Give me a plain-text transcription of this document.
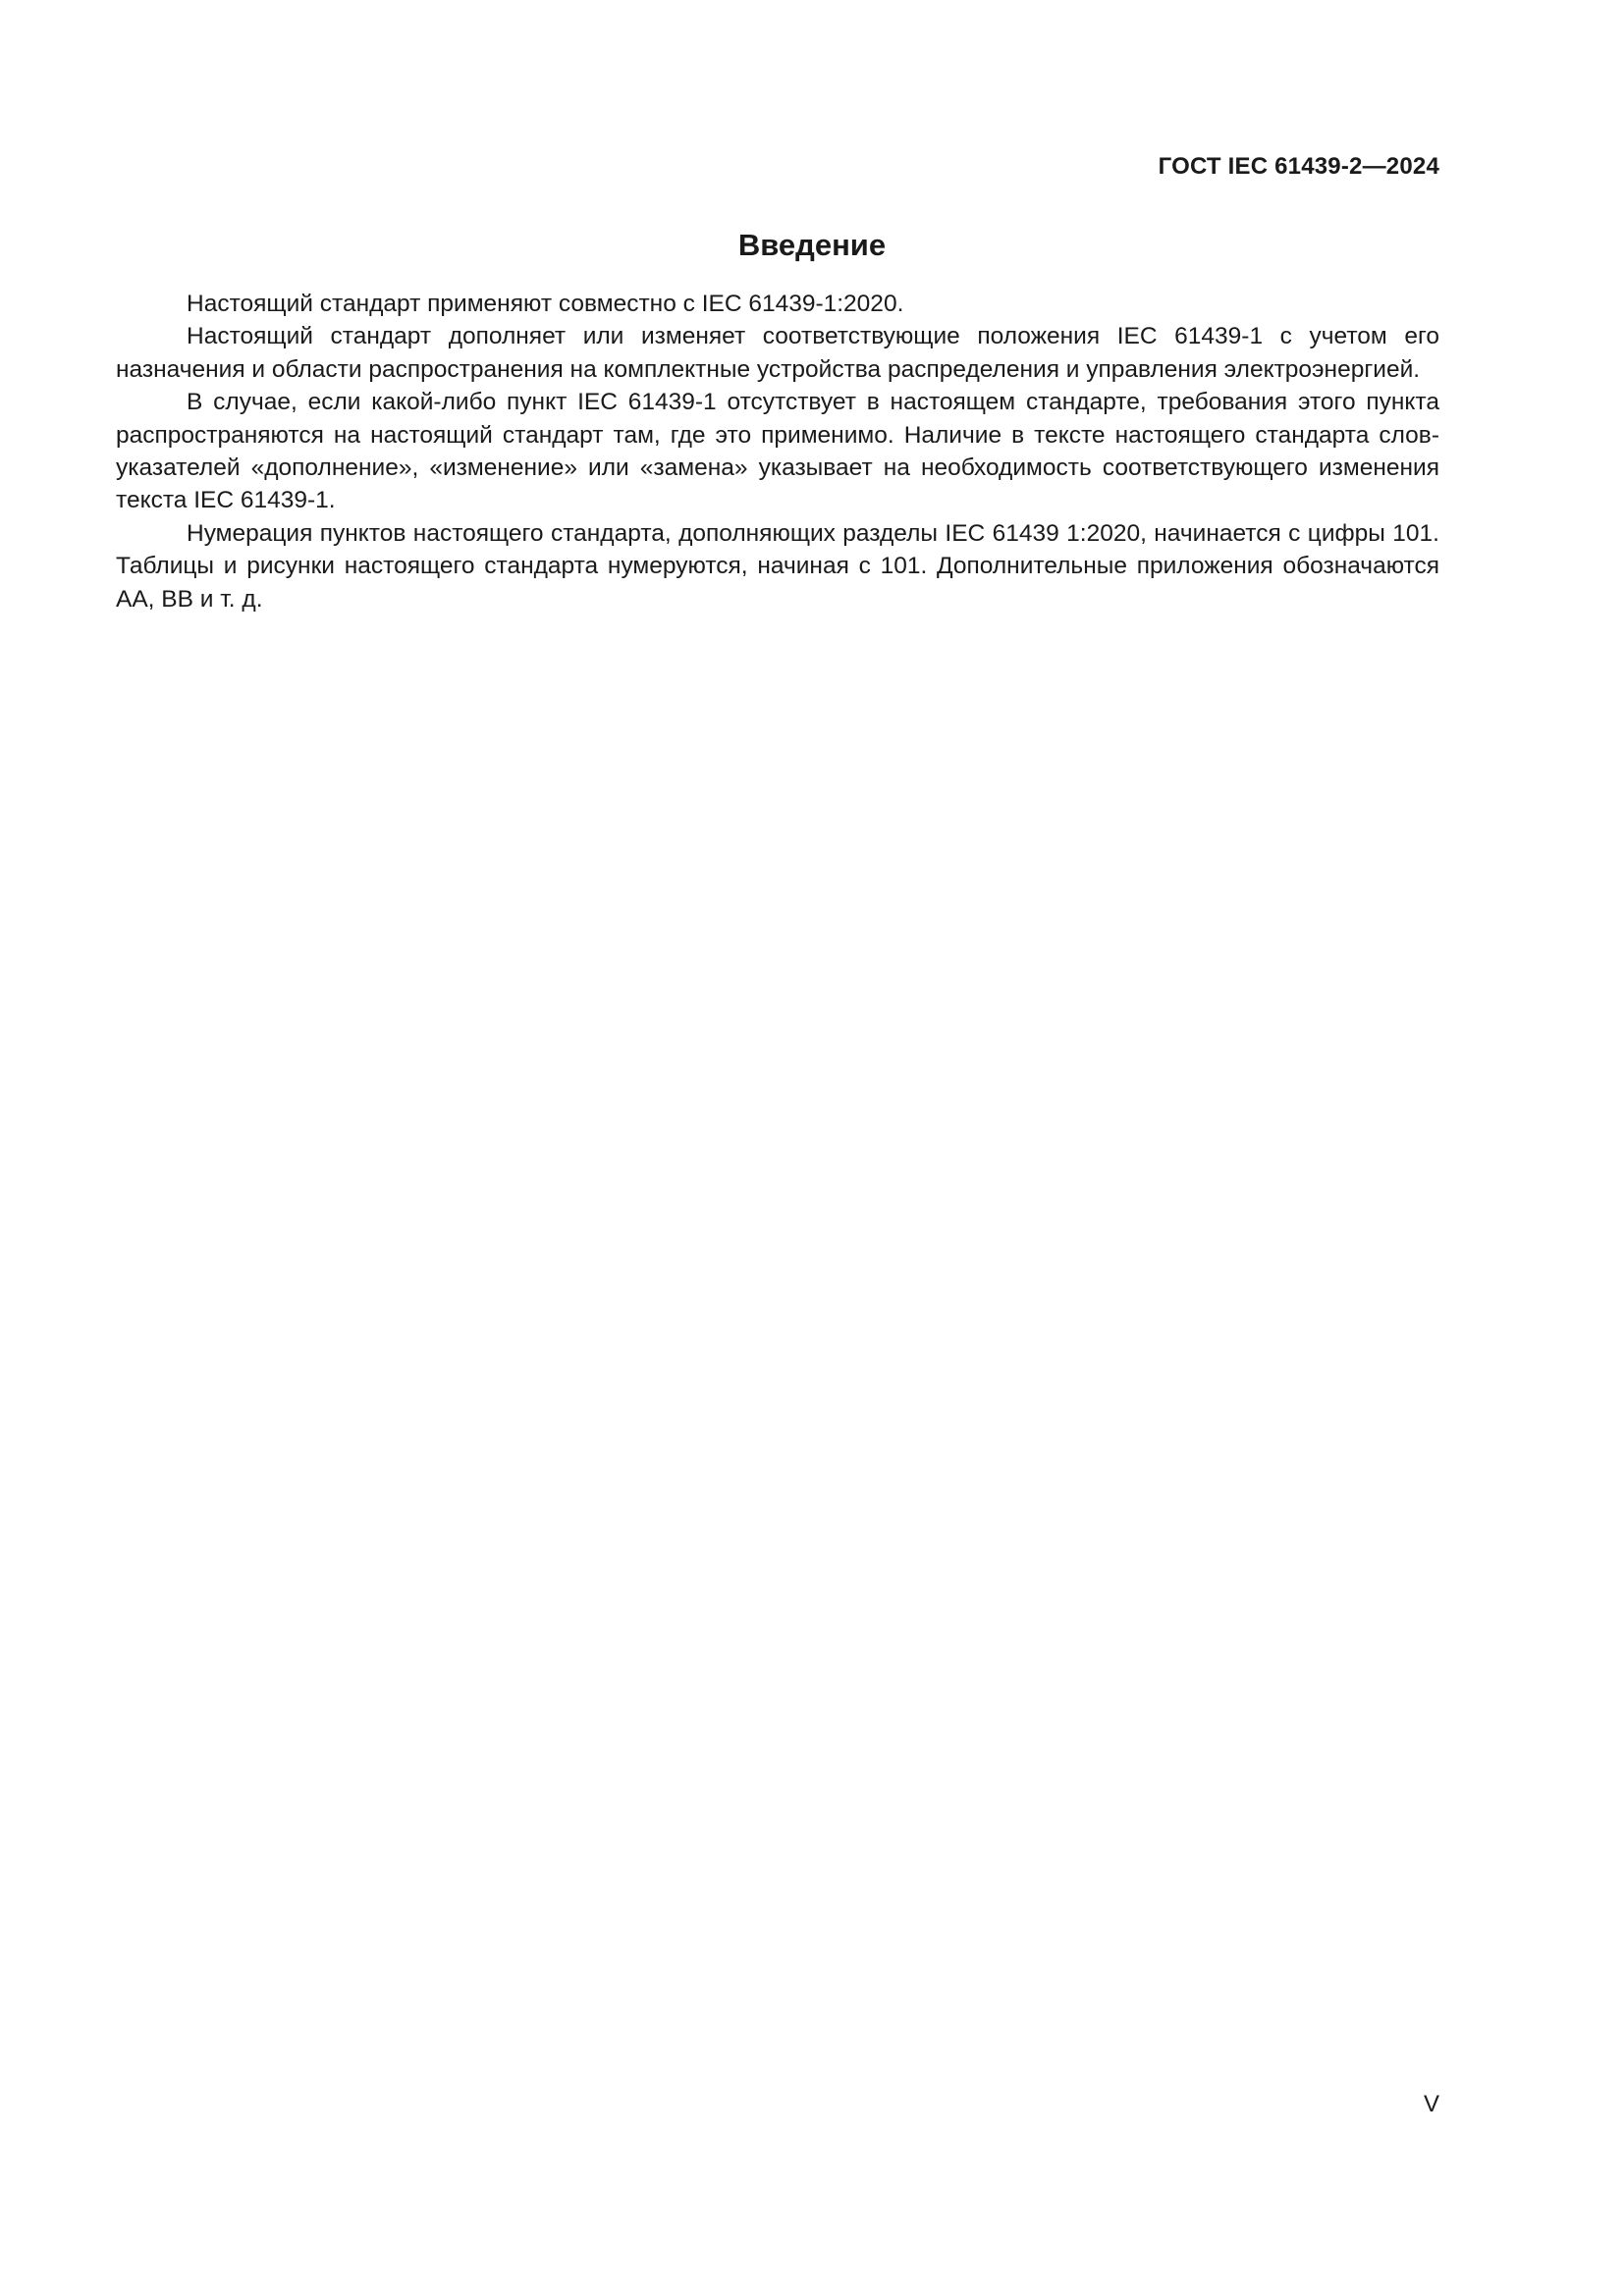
ГОСТ IEC 61439-2—2024
Введение

Настоящий стандарт применяют совместно с IEC 61439-1:2020.

Настоящий стандарт дополняет или изменяет соответствующие положения IEC 61439-1 с учетом его назначения и области распространения на комплектные устройства распределения и управления электроэнергией.

В случае, если какой-либо пункт IEC 61439-1 отсутствует в настоящем стандарте, требования этого пункта распространяются на настоящий стандарт там, где это применимо. Наличие в тексте настоящего стандарта слов-указателей «дополнение», «изменение» или «замена» указывает на необходимость соответствующего изменения текста IEC 61439-1.

Нумерация пунктов настоящего стандарта, дополняющих разделы IEC 61439 1:2020, начинается с цифры 101. Таблицы и рисунки настоящего стандарта нумеруются, начиная с 101. Дополнительные приложения обозначаются АА, ВВ и т. д.

V
